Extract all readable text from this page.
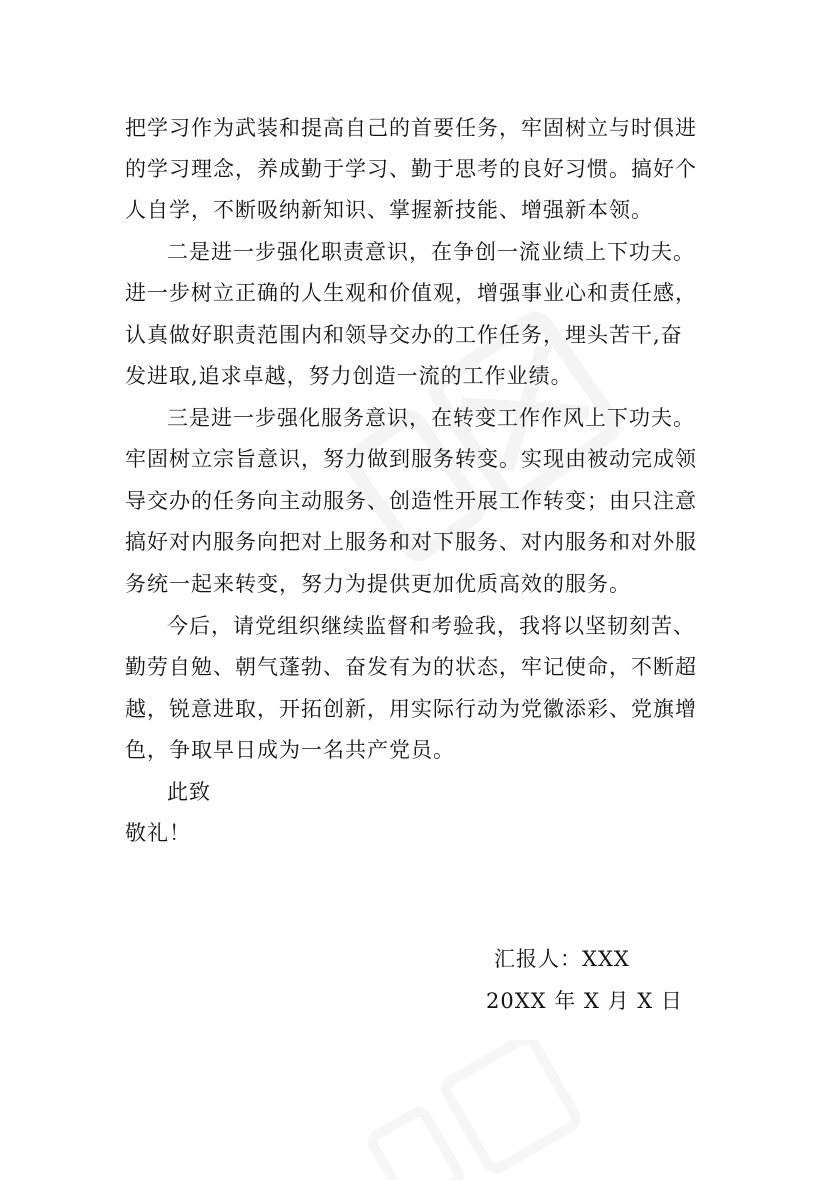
把学习作为武装和提高自己的首要任务，牢固树立与时俱进
的学习理念，养成勤于学习、勤于思考的良好习惯。搞好个
人自学，不断吸纳新知识、掌握新技能、增强新本领。
二是进一步强化职责意识，在争创一流业绩上下功夫。
进一步树立正确的人生观和价值观，增强事业心和责任感，
认真做好职责范围内和领导交办的工作任务，埋头苦干,奋
发进取,追求卓越，努力创造一流的工作业绩。
三是进一步强化服务意识，在转变工作作风上下功夫。
牢固树立宗旨意识，努力做到服务转变。实现由被动完成领
导交办的任务向主动服务、创造性开展工作转变；由只注意
搞好对内服务向把对上服务和对下服务、对内服务和对外服
务统一起来转变，努力为提供更加优质高效的服务。
今后，请党组织继续监督和考验我，我将以坚韧刻苦、
勤劳自勉、朝气蓬勃、奋发有为的状态，牢记使命，不断超
越，锐意进取，开拓创新，用实际行动为党徽添彩、党旗增
色，争取早日成为一名共产党员。
此致
敬礼！
汇报人：XXX
20XX 年 X 月 X 日
